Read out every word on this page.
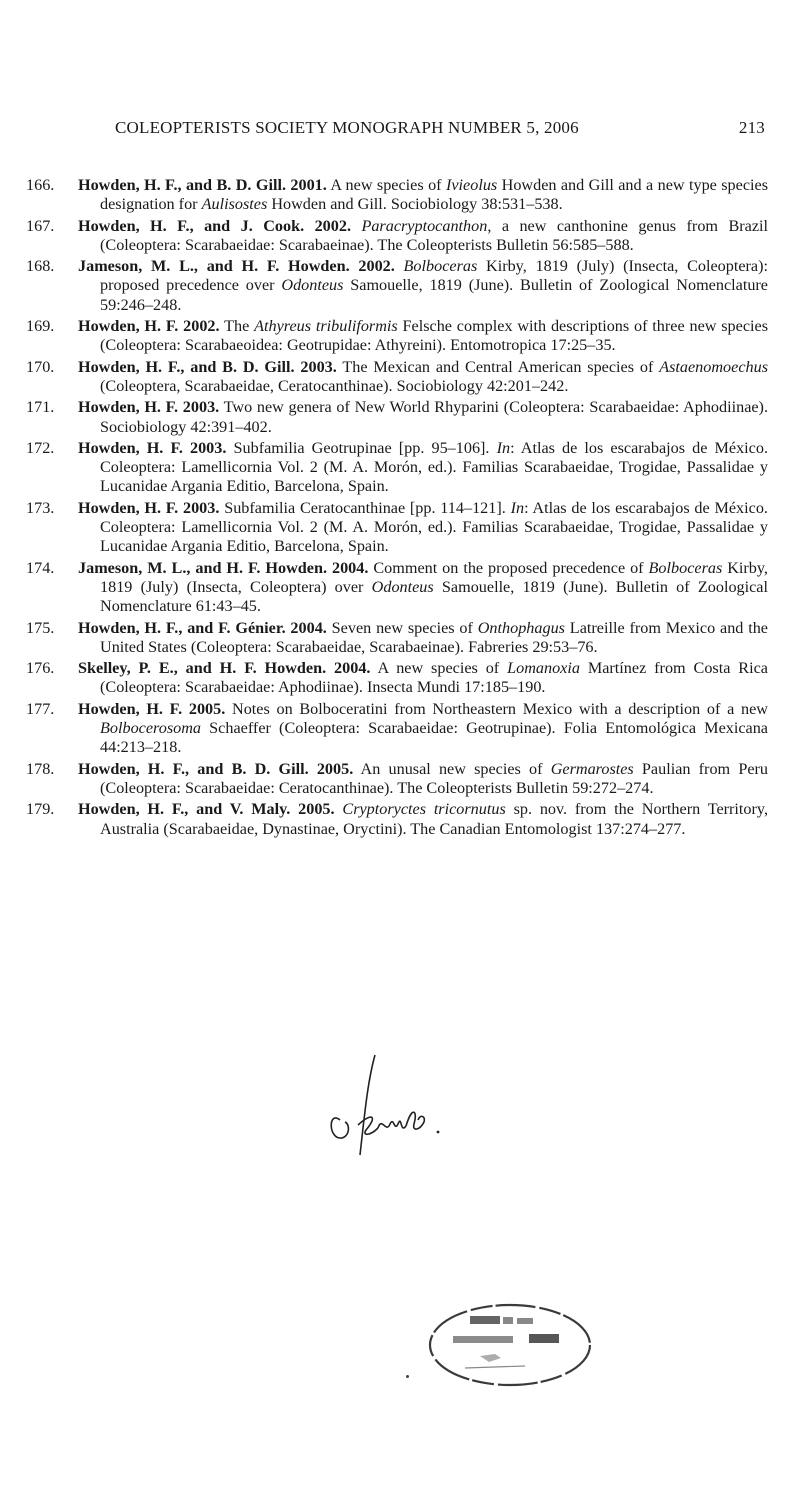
COLEOPTERISTS SOCIETY MONOGRAPH NUMBER 5, 2006	213
166. Howden, H. F., and B. D. Gill. 2001. A new species of Ivieolus Howden and Gill and a new type species designation for Aulisostes Howden and Gill. Sociobiology 38:531–538.
167. Howden, H. F., and J. Cook. 2002. Paracryptocanthon, a new canthonine genus from Brazil (Coleoptera: Scarabaeidae: Scarabaeinae). The Coleopterists Bulletin 56:585–588.
168. Jameson, M. L., and H. F. Howden. 2002. Bolboceras Kirby, 1819 (July) (Insecta, Coleoptera): proposed precedence over Odonteus Samouelle, 1819 (June). Bulletin of Zoological Nomenclature 59:246–248.
169. Howden, H. F. 2002. The Athyreus tribuliformis Felsche complex with descriptions of three new species (Coleoptera: Scarabaeoidea: Geotrupidae: Athyreini). Entomotropica 17:25–35.
170. Howden, H. F., and B. D. Gill. 2003. The Mexican and Central American species of Astaenomoechus (Coleoptera, Scarabaeidae, Ceratocanthinae). Sociobiology 42:201–242.
171. Howden, H. F. 2003. Two new genera of New World Rhyparini (Coleoptera: Scarabaeidae: Aphodiinae). Sociobiology 42:391–402.
172. Howden, H. F. 2003. Subfamilia Geotrupinae [pp. 95–106]. In: Atlas de los escarabajos de México. Coleoptera: Lamellicornia Vol. 2 (M. A. Morón, ed.). Familias Scarabaeidae, Trogidae, Passalidae y Lucanidae Argania Editio, Barcelona, Spain.
173. Howden, H. F. 2003. Subfamilia Ceratocanthinae [pp. 114–121]. In: Atlas de los escarabajos de México. Coleoptera: Lamellicornia Vol. 2 (M. A. Morón, ed.). Familias Scarabaeidae, Trogidae, Passalidae y Lucanidae Argania Editio, Barcelona, Spain.
174. Jameson, M. L., and H. F. Howden. 2004. Comment on the proposed precedence of Bolboceras Kirby, 1819 (July) (Insecta, Coleoptera) over Odonteus Samouelle, 1819 (June). Bulletin of Zoological Nomenclature 61:43–45.
175. Howden, H. F., and F. Génier. 2004. Seven new species of Onthophagus Latreille from Mexico and the United States (Coleoptera: Scarabaeidae, Scarabaeinae). Fabreries 29:53–76.
176. Skelley, P. E., and H. F. Howden. 2004. A new species of Lomanoxia Martínez from Costa Rica (Coleoptera: Scarabaeidae: Aphodiinae). Insecta Mundi 17:185–190.
177. Howden, H. F. 2005. Notes on Bolboceratini from Northeastern Mexico with a description of a new Bolbocerosoma Schaeffer (Coleoptera: Scarabaeidae: Geotrupinae). Folia Entomológica Mexicana 44:213–218.
178. Howden, H. F., and B. D. Gill. 2005. An unusal new species of Germarostes Paulian from Peru (Coleoptera: Scarabaeidae: Ceratocanthinae). The Coleopterists Bulletin 59:272–274.
179. Howden, H. F., and V. Maly. 2005. Cryptoryctes tricornutus sp. nov. from the Northern Territory, Australia (Scarabaeidae, Dynastinae, Oryctini). The Canadian Entomologist 137:274–277.
